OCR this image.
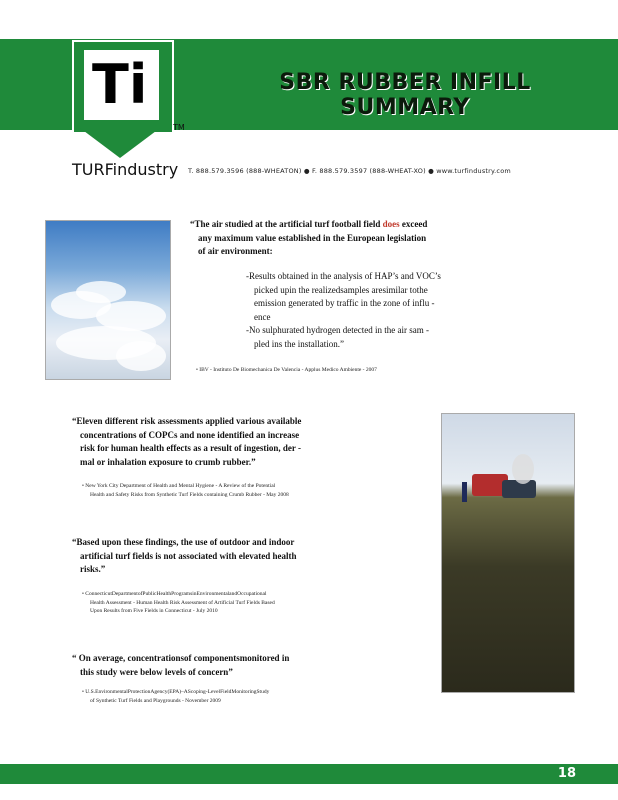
SBR RUBBER INFILL SUMMARY
Ti
TM
TURFindustry T. 888.579.3596 (888-WHEATON) ● F. 888.579.3597 (888-WHEAT-XO) ● www.turfindustry.com
“The air studied at the artificial turf football field does exceed
any maximum value established in the European legislation
of air environment:
-Results obtained in the analysis of HAP’s and VOC’s
picked upin the realizedsamples aresimilar tothe
emission generated by traffic in the zone of influ -
ence
-No sulphurated hydrogen detected in the air sam -
pled ins the installation.”
• IBV - Instituto De Biomechanica De Valencia - Applus Medico Ambiente - 2007
“Eleven different risk assessments applied various available
concentrations of COPCs and none identified an increase
risk for human health effects as a result of ingestion, der -
mal or inhalation exposure to crumb rubber.”
• New York City Department of Health and Mental Hygiene - A Review of the Potential
Health and Safety Risks from Synthetic Turf Fields containing Crumb Rubber - May 2008
“Based upon these findings, the use of outdoor and indoor
artificial turf fields is not associated with elevated health
risks.”
• ConnecticutDepartmentofPublicHealthProgramsinEnvironmentalandOccupational
Health Assessment - Human Health Risk Assessment of Artificial Turf Fields Based
Upon Results from Five Fields in Connecticut - July 2010
“ On average, concentrationsof componentsmonitored in
this study were below levels of concern”
• U.S.EnvironmentalProtectionAgency(EPA)–AScoping-LevelFieldMonitoringStudy
of Synthetic Turf Fields and Playgrounds - November 2009
18
